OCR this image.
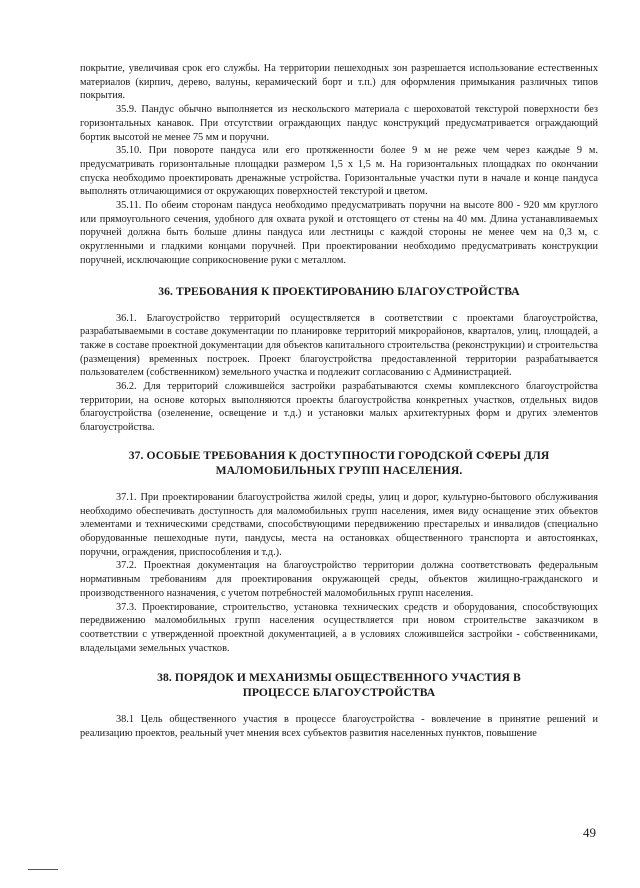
покрытие, увеличивая срок его службы. На территории пешеходных зон разрешается использование естественных материалов (кирпич, дерево, валуны, керамический борт и т.п.) для оформления примыкания различных типов покрытия.

35.9. Пандус обычно выполняется из нескольского материала с шероховатой текстурой поверхности без горизонтальных канавок. При отсутствии ограждающих пандус конструкций предусматривается ограждающий бортик высотой не менее 75 мм и поручни.

35.10. При повороте пандуса или его протяженности более 9 м не реже чем через каждые 9 м. предусматривать горизонтальные площадки размером 1,5 х 1,5 м. На горизонтальных площадках по окончании спуска необходимо проектировать дренажные устройства. Горизонтальные участки пути в начале и конце пандуса выполнять отличающимися от окружающих поверхностей текстурой и цветом.

35.11. По обеим сторонам пандуса необходимо предусматривать поручни на высоте 800 - 920 мм круглого или прямоугольного сечения, удобного для охвата рукой и отстоящего от стены на 40 мм. Длина устанавливаемых поручней должна быть больше длины пандуса или лестницы с каждой стороны не менее чем на 0,3 м, с округленными и гладкими концами поручней. При проектировании необходимо предусматривать конструкции поручней, исключающие соприкосновение руки с металлом.

36. ТРЕБОВАНИЯ К ПРОЕКТИРОВАНИЮ БЛАГОУСТРОЙСТВА

36.1. Благоустройство территорий осуществляется в соответствии с проектами благоустройства, разрабатываемыми в составе документации по планировке территорий микрорайонов, кварталов, улиц, площадей, а также в составе проектной документации для объектов капитального строительства (реконструкции) и строительства (размещения) временных построек. Проект благоустройства предоставленной территории разрабатывается пользователем (собственником) земельного участка и подлежит согласованию с Администрацией.

36.2. Для территорий сложившейся застройки разрабатываются схемы комплексного благоустройства территории, на основе которых выполняются проекты благоустройства конкретных участков, отдельных видов благоустройства (озеленение, освещение и т.д.) и установки малых архитектурных форм и других элементов благоустройства.

37. ОСОБЫЕ ТРЕБОВАНИЯ К ДОСТУПНОСТИ ГОРОДСКОЙ СФЕРЫ ДЛЯ
МАЛОМОБИЛЬНЫХ ГРУПП НАСЕЛЕНИЯ.

37.1. При проектировании благоустройства жилой среды, улиц и дорог, культурно-бытового обслуживания необходимо обеспечивать доступность для маломобильных групп населения, имея виду оснащение этих объектов элементами и техническими средствами, способствующими передвижению престарелых и инвалидов (специально оборудованные пешеходные пути, пандусы, места на остановках общественного транспорта и автостоянках, поручни, ограждения, приспособления и т.д.).

37.2. Проектная документация на благоустройство территории должна соответствовать федеральным нормативным требованиям для проектирования окружающей среды, объектов жилищно-гражданского и производственного назначения, с учетом потребностей маломобильных групп населения.

37.3. Проектирование, строительство, установка технических средств и оборудования, способствующих передвижению маломобильных групп населения осуществляется при новом строительстве заказчиком в соответствии с утвержденной проектной документацией, а в условиях сложившейся застройки - собственниками, владельцами земельных участков.

38. ПОРЯДОК И МЕХАНИЗМЫ ОБЩЕСТВЕННОГО УЧАСТИЯ В
ПРОЦЕССЕ БЛАГОУСТРОЙСТВА

38.1 Цель общественного участия в процессе благоустройства - вовлечение в принятие решений и реализацию проектов, реальный учет мнения всех субъектов развития населенных пунктов, повышение

49
